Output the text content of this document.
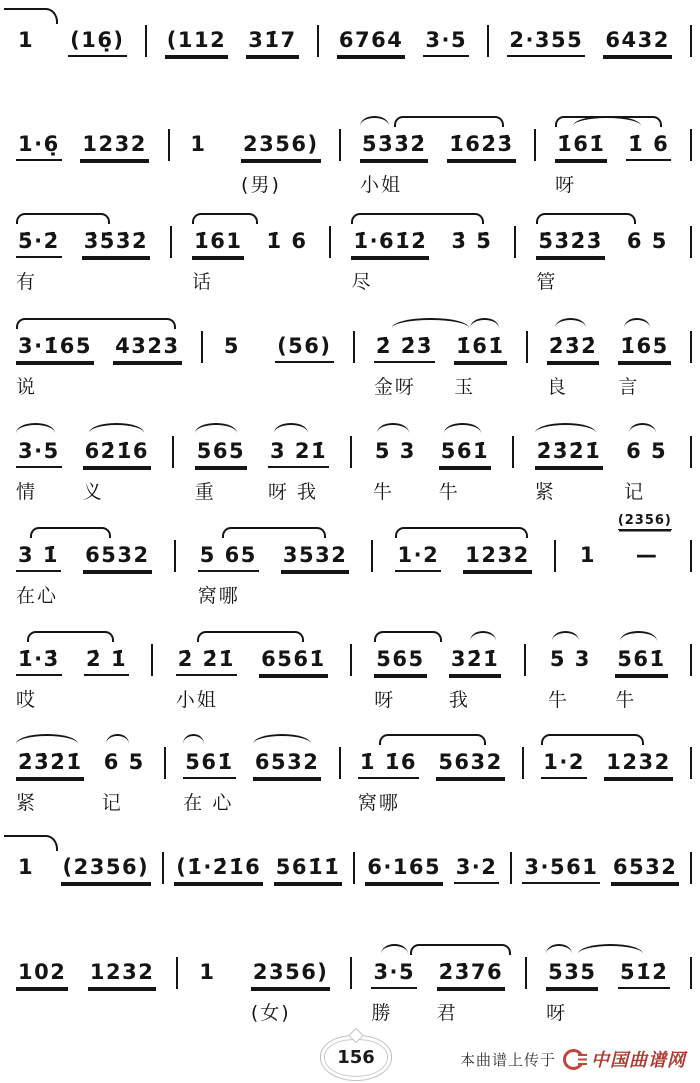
1
(16̣)
(112
31̇7
6764
3·5
2·355
6432

1·6̣
1232
1
2356)
(男)
5̇3̇3̇2̇
小姐
1̇62̇3̇
1̇61̇
呀
1̇ 6

5̇·2̇
有
3̇5̇3̇2̇
1̇61
话
1̇ 6
1̇·61̇2̇
尽
3̇ 5̇
5̇3̇2̇3̇
管
6 5

3·1̇65
说
4323
5
(56)
2̇ 2̇3̇
金呀
1̇61̇
玉
2̇3̇2̇
良
1̇65
言
3·5
情
62̇1̇6
义
565
重
3 21̇
呀 我
5 3
牛
561̇
牛
2̇3̇2̇1̇
紧
6 5
记
3 1̇
在心
6532
5 65
窝哪
3532
1·2
1232
1

(2356)
—

1̇·3̇
哎
2̇ 1̇
2̇ 2̇1̇
小姐
6561̇
565
呀
32̇1̇
我
5 3
牛
561̇
牛
2̇3̇2̇1̇
紧
6 5
记
561̇
在 心
6532
1̇ 1̇6
窝哪
5632
1·2
1232

1
(2356)
(1̇·2̇1̇6
561̇1̇
6·165
3·2
3·561
6532

102
1232
1
2356)
(女)
3·5
勝
2̇3̇76
君
535
呀
51̇2̇

156	本曲谱上传于 中国曲谱网
